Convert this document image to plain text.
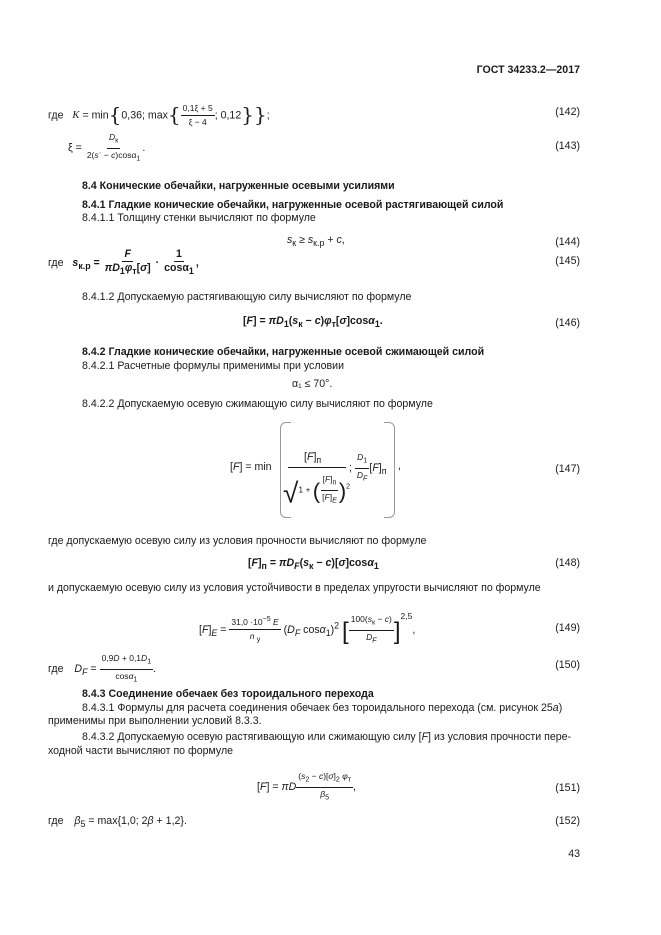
ГОСТ 34233.2—2017
где K = min{0,36; $\max\{ \frac{0,1\xi + 5}{\xi - 4}$ ; 0,12}};	(142)
$\xi = \frac{D_к}{2(sˈ - c)\cos\alpha_1}$ .	(143)
8.4 Конические обечайки, нагруженные осевыми усилиями
8.4.1 Гладкие конические обечайки, нагруженные осевой растягивающей силой
8.4.1.1 Толщину стенки вычисляют по формуле
$s_к \ge s_{к.р} + c$,	(144)
где $s_{к.р} = \frac{F}{\pi D_1\varphi_т[\sigma]} \cdot \frac{1}{\cos\alpha_1}$ ,	(145)
8.4.1.2 Допускаемую растягивающую силу вычисляют по формуле
$[F] = \pi D_1(s_к - c)\varphi_т[\sigma]\cos\alpha_1$.	(146)
8.4.2 Гладкие конические обечайки, нагруженные осевой сжимающей силой
8.4.2.1 Расчетные формулы применимы при условии
α₁ ≤ 70°.
8.4.2.2 Допускаемую осевую сжимающую силу вычисляют по формуле
[F] = min
$[F]_п$
√1 + ( $\frac{[F]_п}{[F]_E} )^2$
; $\frac{D_1}{D_F} [F]_п$ ,	(147)
где допускаемую осевую силу из условия прочности вычисляют по формуле
$[F]_п = \pi D_F(s_к - c)[\sigma]\cos\alpha_1$	(148)
и допускаемую осевую силу из условия устойчивости в пределах упругости вычисляют по формуле
$[F]_E = \frac{31,0 \cdot 10^{-5} E}{n _у} (D_F$ cosα$_1$)$^2$ [ $\frac{100(s_к - c)}{D_F} ]^{2,5}$,	(149)
где $D_F = \frac{0,9D + 0,1D_1}{\cos\alpha_1}$ .	(150)
8.4.3 Соединение обечаек без тороидального перехода
8.4.3.1 Формулы для расчета соединения обечаек без тороидального перехода (см. рисунок 25а)
применимы при выполнении условий 8.3.3.
8.4.3.2 Допускаемую осевую растягивающую или сжимающую силу [F] из условия прочности пере-
ходной части вычисляют по формуле
[F] = πD $\frac{(s_2 - c)[\sigma]_2 \varphi_т}{\beta_5}$ ,	(151)
где $\beta_5 = \max\{1,0$; 2β + 1,2}.	(152)
43
